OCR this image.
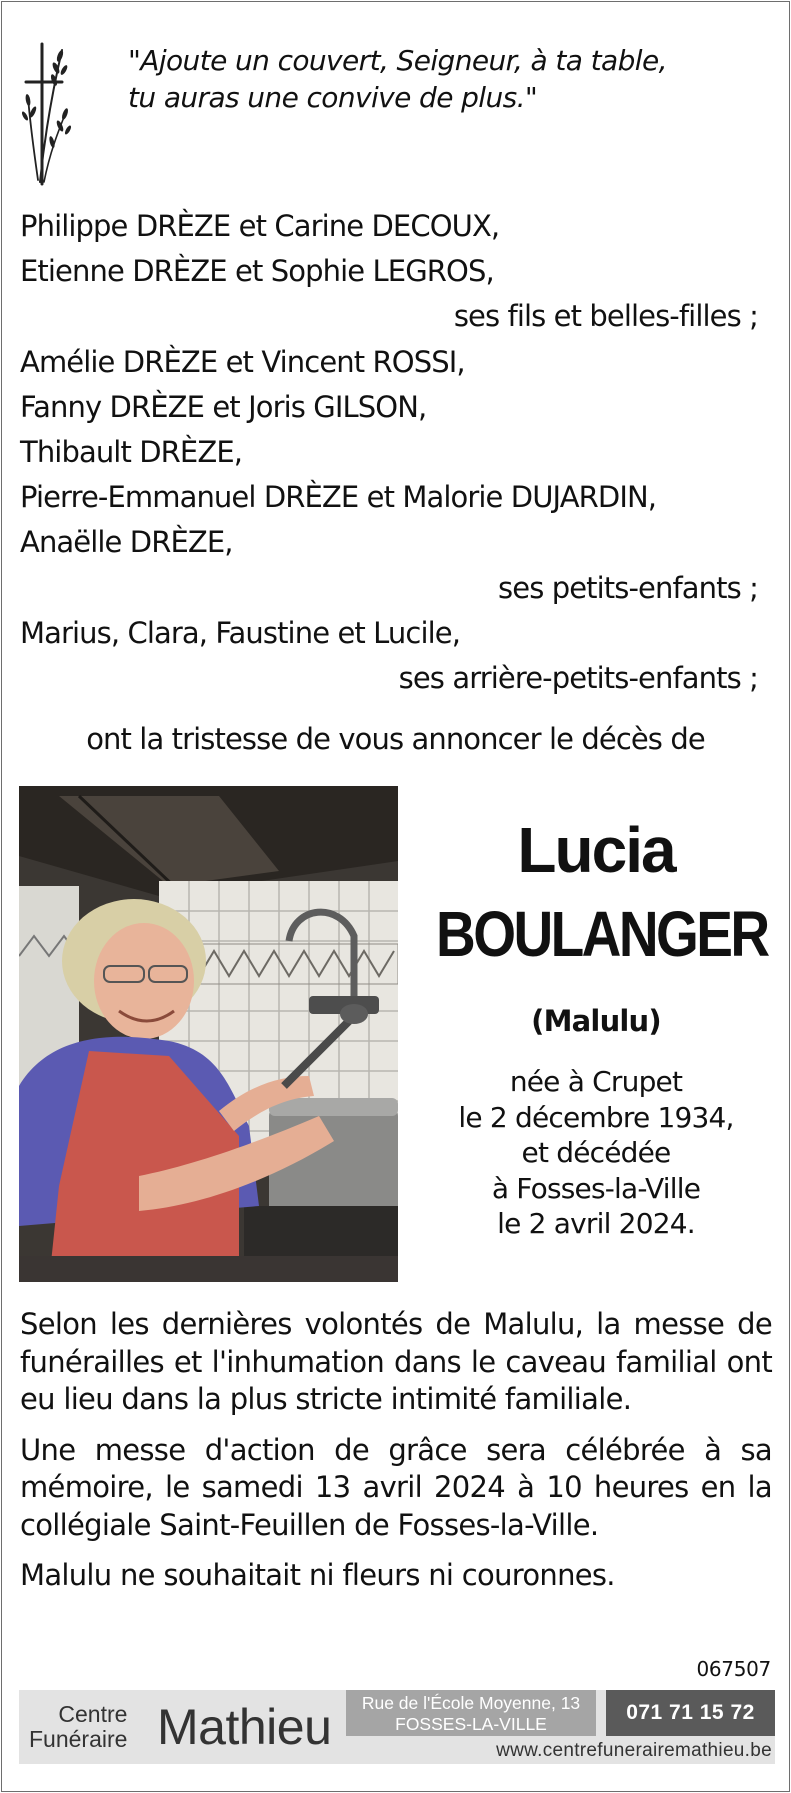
"Ajoute un couvert, Seigneur, à ta table,
tu auras une convive de plus."
Philippe DRÈZE et Carine DECOUX,
Etienne DRÈZE et Sophie LEGROS,
ses fils et belles-filles ;
Amélie DRÈZE et Vincent ROSSI,
Fanny DRÈZE et Joris GILSON,
Thibault DRÈZE,
Pierre-Emmanuel DRÈZE et Malorie DUJARDIN,
Anaëlle DRÈZE,
ses petits-enfants ;
Marius, Clara, Faustine et Lucile,
ses arrière-petits-enfants ;
ont la tristesse de vous annoncer le décès de
Lucia
BOULANGER
(Malulu)
née à Crupet
le 2 décembre 1934,
et décédée
à Fosses-la-Ville
le 2 avril 2024.

Selon les dernières volontés de Malulu, la messe de funérailles et l'inhumation dans le caveau familial ont eu lieu dans la plus stricte intimité familiale.

Une messe d'action de grâce sera célébrée à sa mémoire, le samedi 13 avril 2024 à 10 heures en la collégiale Saint-Feuillen de Fosses-la-Ville.

Malulu ne souhaitait ni fleurs ni couronnes.

067507
Centre
Funéraire Mathieu	Rue de l'École Moyenne, 13
FOSSES-LA-VILLE	071 71 15 72
www.centrefunerairemathieu.be
